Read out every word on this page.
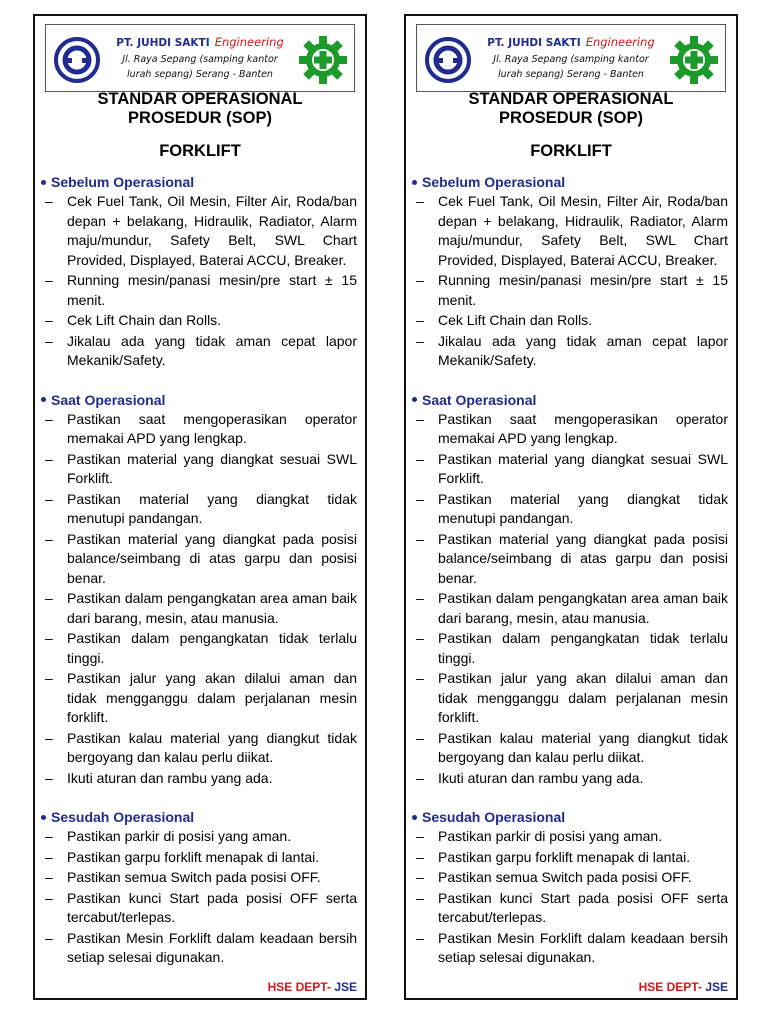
PT. JUHDI SAKTI Engineering
Jl. Raya Sepang (samping kantor
lurah sepang) Serang - Banten
STANDAR OPERASIONAL
PROSEDUR (SOP)
FORKLIFT
Sebelum Operasional
– Cek Fuel Tank, Oil Mesin, Filter Air, Roda/ban depan + belakang, Hidraulik, Radiator, Alarm maju/mundur, Safety Belt, SWL Chart Provided, Displayed, Baterai ACCU, Breaker.
– Running mesin/panasi mesin/pre start ± 15 menit.
– Cek Lift Chain dan Rolls.
– Jikalau ada yang tidak aman cepat lapor Mekanik/Safety.
Saat Operasional
– Pastikan saat mengoperasikan operator memakai APD yang lengkap.
– Pastikan material yang diangkat sesuai SWL Forklift.
– Pastikan material yang diangkat tidak menutupi pandangan.
– Pastikan material yang diangkat pada posisi balance/seimbang di atas garpu dan posisi benar.
– Pastikan dalam pengangkatan area aman baik dari barang, mesin, atau manusia.
– Pastikan dalam pengangkatan tidak terlalu tinggi.
– Pastikan jalur yang akan dilalui aman dan tidak mengganggu dalam perjalanan mesin forklift.
– Pastikan kalau material yang diangkut tidak bergoyang dan kalau perlu diikat.
– Ikuti aturan dan rambu yang ada.
Sesudah Operasional
– Pastikan parkir di posisi yang aman.
– Pastikan garpu forklift menapak di lantai.
– Pastikan semua Switch pada posisi OFF.
– Pastikan kunci Start pada posisi OFF serta tercabut/terlepas.
– Pastikan Mesin Forklift dalam keadaan bersih setiap selesai digunakan.
HSE DEPT- JSE
PT. JUHDI SAKTI Engineering
Jl. Raya Sepang (samping kantor
lurah sepang) Serang - Banten
STANDAR OPERASIONAL
PROSEDUR (SOP)
FORKLIFT
Sebelum Operasional
– Cek Fuel Tank, Oil Mesin, Filter Air, Roda/ban depan + belakang, Hidraulik, Radiator, Alarm maju/mundur, Safety Belt, SWL Chart Provided, Displayed, Baterai ACCU, Breaker.
– Running mesin/panasi mesin/pre start ± 15 menit.
– Cek Lift Chain dan Rolls.
– Jikalau ada yang tidak aman cepat lapor Mekanik/Safety.
Saat Operasional
– Pastikan saat mengoperasikan operator memakai APD yang lengkap.
– Pastikan material yang diangkat sesuai SWL Forklift.
– Pastikan material yang diangkat tidak menutupi pandangan.
– Pastikan material yang diangkat pada posisi balance/seimbang di atas garpu dan posisi benar.
– Pastikan dalam pengangkatan area aman baik dari barang, mesin, atau manusia.
– Pastikan dalam pengangkatan tidak terlalu tinggi.
– Pastikan jalur yang akan dilalui aman dan tidak mengganggu dalam perjalanan mesin forklift.
– Pastikan kalau material yang diangkut tidak bergoyang dan kalau perlu diikat.
– Ikuti aturan dan rambu yang ada.
Sesudah Operasional
– Pastikan parkir di posisi yang aman.
– Pastikan garpu forklift menapak di lantai.
– Pastikan semua Switch pada posisi OFF.
– Pastikan kunci Start pada posisi OFF serta tercabut/terlepas.
– Pastikan Mesin Forklift dalam keadaan bersih setiap selesai digunakan.
HSE DEPT- JSE
